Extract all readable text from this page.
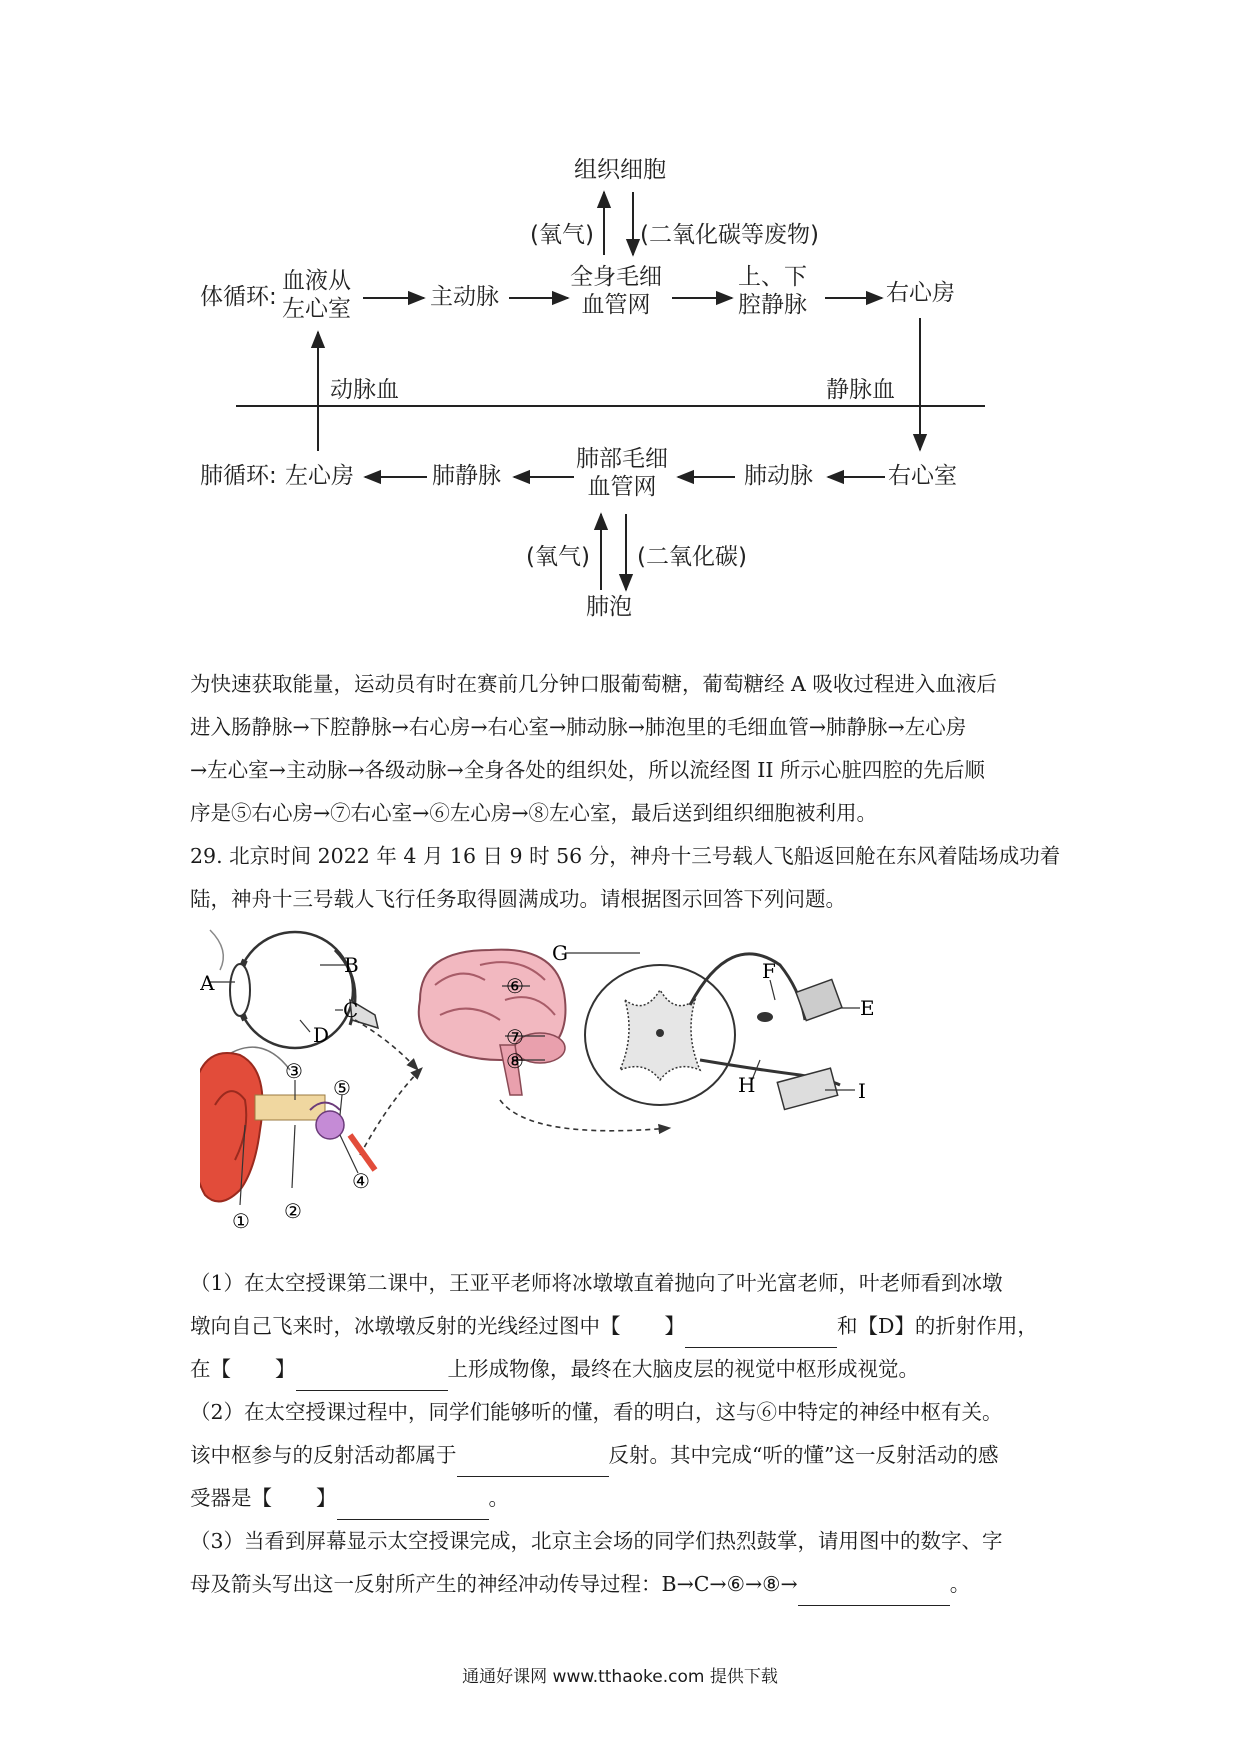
组织细胞
(氧气) (二氧化碳等废物)
体循环:
血液从
左心室	主动脉
全身毛细
血管网
上、下
腔静脉	右心房
动脉血	静脉血
肺循环: 左心房	肺静脉
肺部毛细
血管网	肺动脉	右心室
(氧气) (二氧化碳)
肺泡

为快速获取能量，运动员有时在赛前几分钟口服葡萄糖，葡萄糖经 A 吸收过程进入血液后

进入肠静脉→下腔静脉→右心房→右心室→肺动脉→肺泡里的毛细血管→肺静脉→左心房

→左心室→主动脉→各级动脉→全身各处的组织处，所以流经图 II 所示心脏四腔的先后顺

序是⑤右心房→⑦右心室→⑥左心房→⑧左心室，最后送到组织细胞被利用。

29. 北京时间 2022 年 4 月 16 日 9 时 56 分，神舟十三号载人飞船返回舱在东风着陆场成功着

陆，神舟十三号载人飞行任务取得圆满成功。请根据图示回答下列问题。

A
B
C
D
⑥
⑦
⑧
① ②
③
④
⑤
G
F
E
H	I

（1）在太空授课第二课中，王亚平老师将冰墩墩直着抛向了叶光富老师，叶老师看到冰墩

墩向自己飞来时，冰墩墩反射的光线经过图中【 】	和【D】的折射作用，

在【 】	上形成物像，最终在大脑皮层的视觉中枢形成视觉。

（2）在太空授课过程中，同学们能够听的懂，看的明白，这与⑥中特定的神经中枢有关。

该中枢参与的反射活动都属于	反射。其中完成“听的懂”这一反射活动的感

受器是【 】	。

（3）当看到屏幕显示太空授课完成，北京主会场的同学们热烈鼓掌，请用图中的数字、字

母及箭头写出这一反射所产生的神经冲动传导过程：B→C→⑥→⑧→	。

通通好课网 www.tthaoke.com 提供下载
